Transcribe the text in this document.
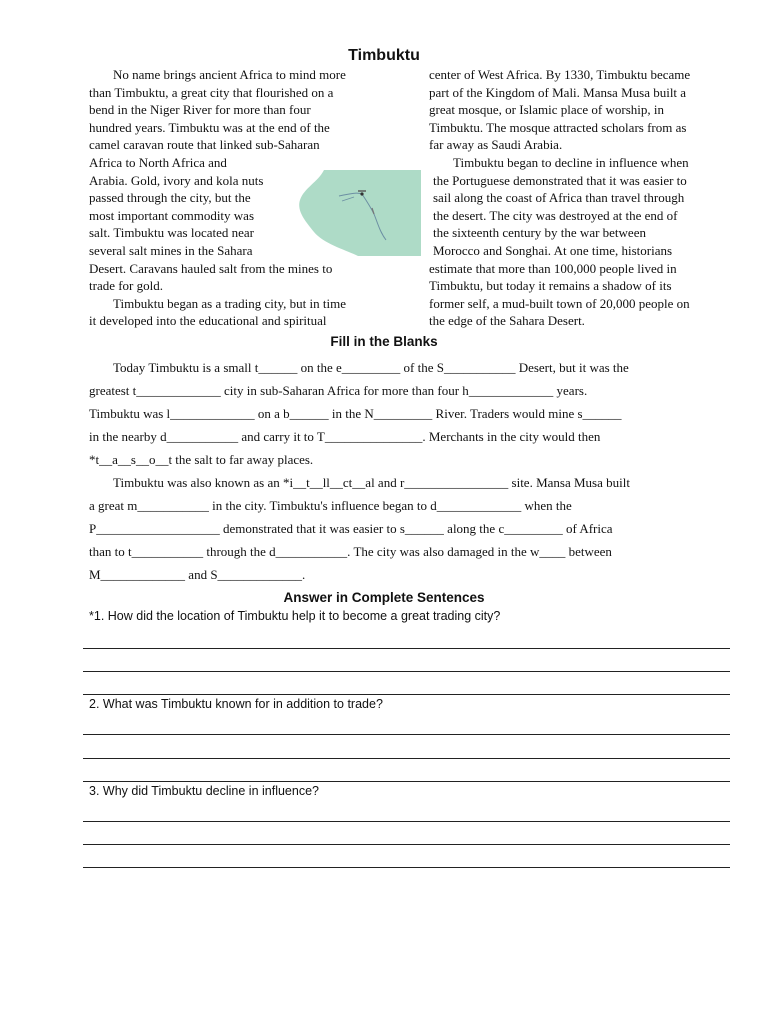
Timbuktu
No name brings ancient Africa to mind more
than Timbuktu, a great city that flourished on a
bend in the Niger River for more than four
hundred years. Timbuktu was at the end of the
camel caravan route that linked sub-Saharan
Africa to North Africa and
Arabia. Gold, ivory and kola nuts
passed through the city, but the
most important commodity was
salt. Timbuktu was located near
several salt mines in the Sahara
Desert. Caravans hauled salt from the mines to
trade for gold.
Timbuktu began as a trading city, but in time
it developed into the educational and spiritual
center of West Africa. By 1330, Timbuktu became
part of the Kingdom of Mali. Mansa Musa built a
great mosque, or Islamic place of worship, in
Timbuktu. The mosque attracted scholars from as
far away as Saudi Arabia.
Timbuktu began to decline in influence when
the Portuguese demonstrated that it was easier to
sail along the coast of Africa than travel through
the desert. The city was destroyed at the end of
the sixteenth century by the war between
Morocco and Songhai. At one time, historians
estimate that more than 100,000 people lived in
Timbuktu, but today it remains a shadow of its
former self, a mud-built town of 20,000 people on
the edge of the Sahara Desert.
Fill in the Blanks
Today Timbuktu is a small t______ on the e_________ of the S___________ Desert, but it was the
greatest t_____________ city in sub-Saharan Africa for more than four h_____________ years.
Timbuktu was l_____________ on a b______ in the N_________ River. Traders would mine s______
in the nearby d___________ and carry it to T_______________. Merchants in the city would then
*t__a__s__o__t the salt to far away places.
Timbuktu was also known as an *i__t__ll__ct__al and r________________ site. Mansa Musa built
a great m___________ in the city. Timbuktu's influence began to d_____________ when the
P___________________ demonstrated that it was easier to s______ along the c_________ of Africa
than to t___________ through the d___________. The city was also damaged in the w____ between
M_____________ and S_____________.
Answer in Complete Sentences
*1. How did the location of Timbuktu help it to become a great trading city?
2. What was Timbuktu known for in addition to trade?
3. Why did Timbuktu decline in influence?
